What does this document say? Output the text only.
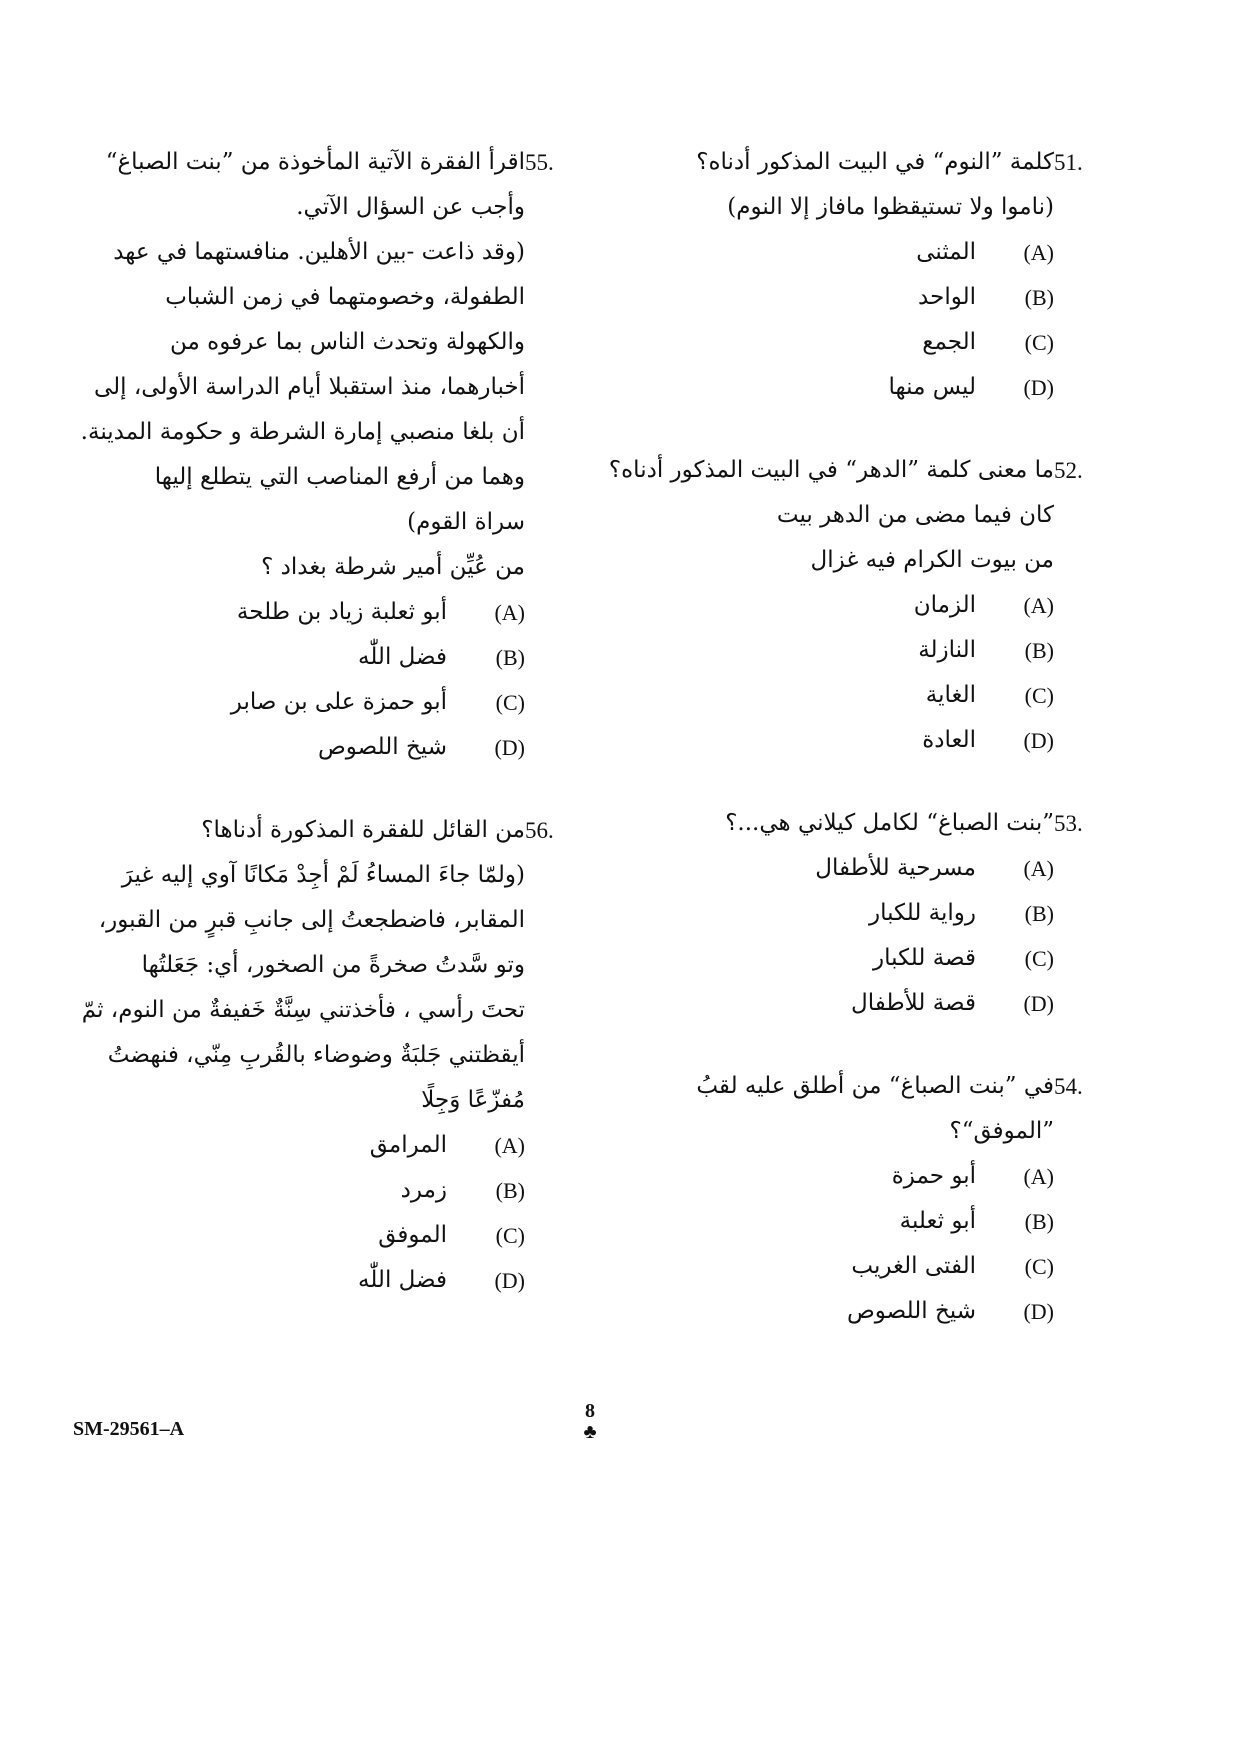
51.
كلمة ”النوم“ في البيت المذكور أدناه؟
(ناموا ولا تستيقظوا مافاز إلا النوم)
(A)
المثنى
(B)
الواحد
(C)
الجمع
(D)
ليس منها
52.
ما معنى كلمة ”الدهر“ في البيت المذكور أدناه؟
كان فيما مضى من الدهر بيت
من بيوت الكرام فيه غزال
(A)
الزمان
(B)
النازلة
(C)
الغاية
(D)
العادة
53.
”بنت الصباغ“ لكامل كيلاني هي...؟
(A)
مسرحية للأطفال
(B)
رواية للكبار
(C)
قصة للكبار
(D)
قصة للأطفال
54.
في ”بنت الصباغ“ من أطلق عليه لقبُ
”الموفق“؟
(A)
أبو حمزة
(B)
أبو ثعلبة
(C)
الفتى الغريب
(D)
شيخ اللصوص
55.
اقرأ الفقرة الآتية المأخوذة من ”بنت الصباغ“
وأجب عن السؤال الآتي.
(وقد ذاعت -بين الأهلين. منافستهما في عهد
الطفولة، وخصومتهما في زمن الشباب
والكهولة وتحدث الناس بما عرفوه من
أخبارهما، منذ استقبلا أيام الدراسة الأولى، إلى
أن بلغا منصبي إمارة الشرطة و حكومة المدينة.
وهما من أرفع المناصب التي يتطلع إليها
سراة القوم)
من عُيِّن أمير شرطة بغداد ؟
(A)
أبو ثعلبة زياد بن طلحة
(B)
فضل اللّٰه
(C)
أبو حمزة على بن صابر
(D)
شيخ اللصوص
56.
من القائل للفقرة المذكورة أدناها؟
(ولمّا جاءَ المساءُ لَمْ أجِدْ مَكانًا آوي إليه غيرَ
المقابر، فاضطجعتُ إلى جانبِ قبرٍ من القبور،
وتو سَّدتُ صخرةً من الصخور، أي: جَعَلتُها
تحتَ رأسي ، فأخذتني سِنَّةٌ خَفيفةٌ من النوم، ثمّ
أيقظتني جَلبَةٌ وضوضاء بالقُربِ مِنّي، فنهضتُ
مُفزّعًا وَجِلًا
(A)
المرامق
(B)
زمرد
(C)
الموفق
(D)
فضل اللّٰه
SM-29561–A
8
♣
